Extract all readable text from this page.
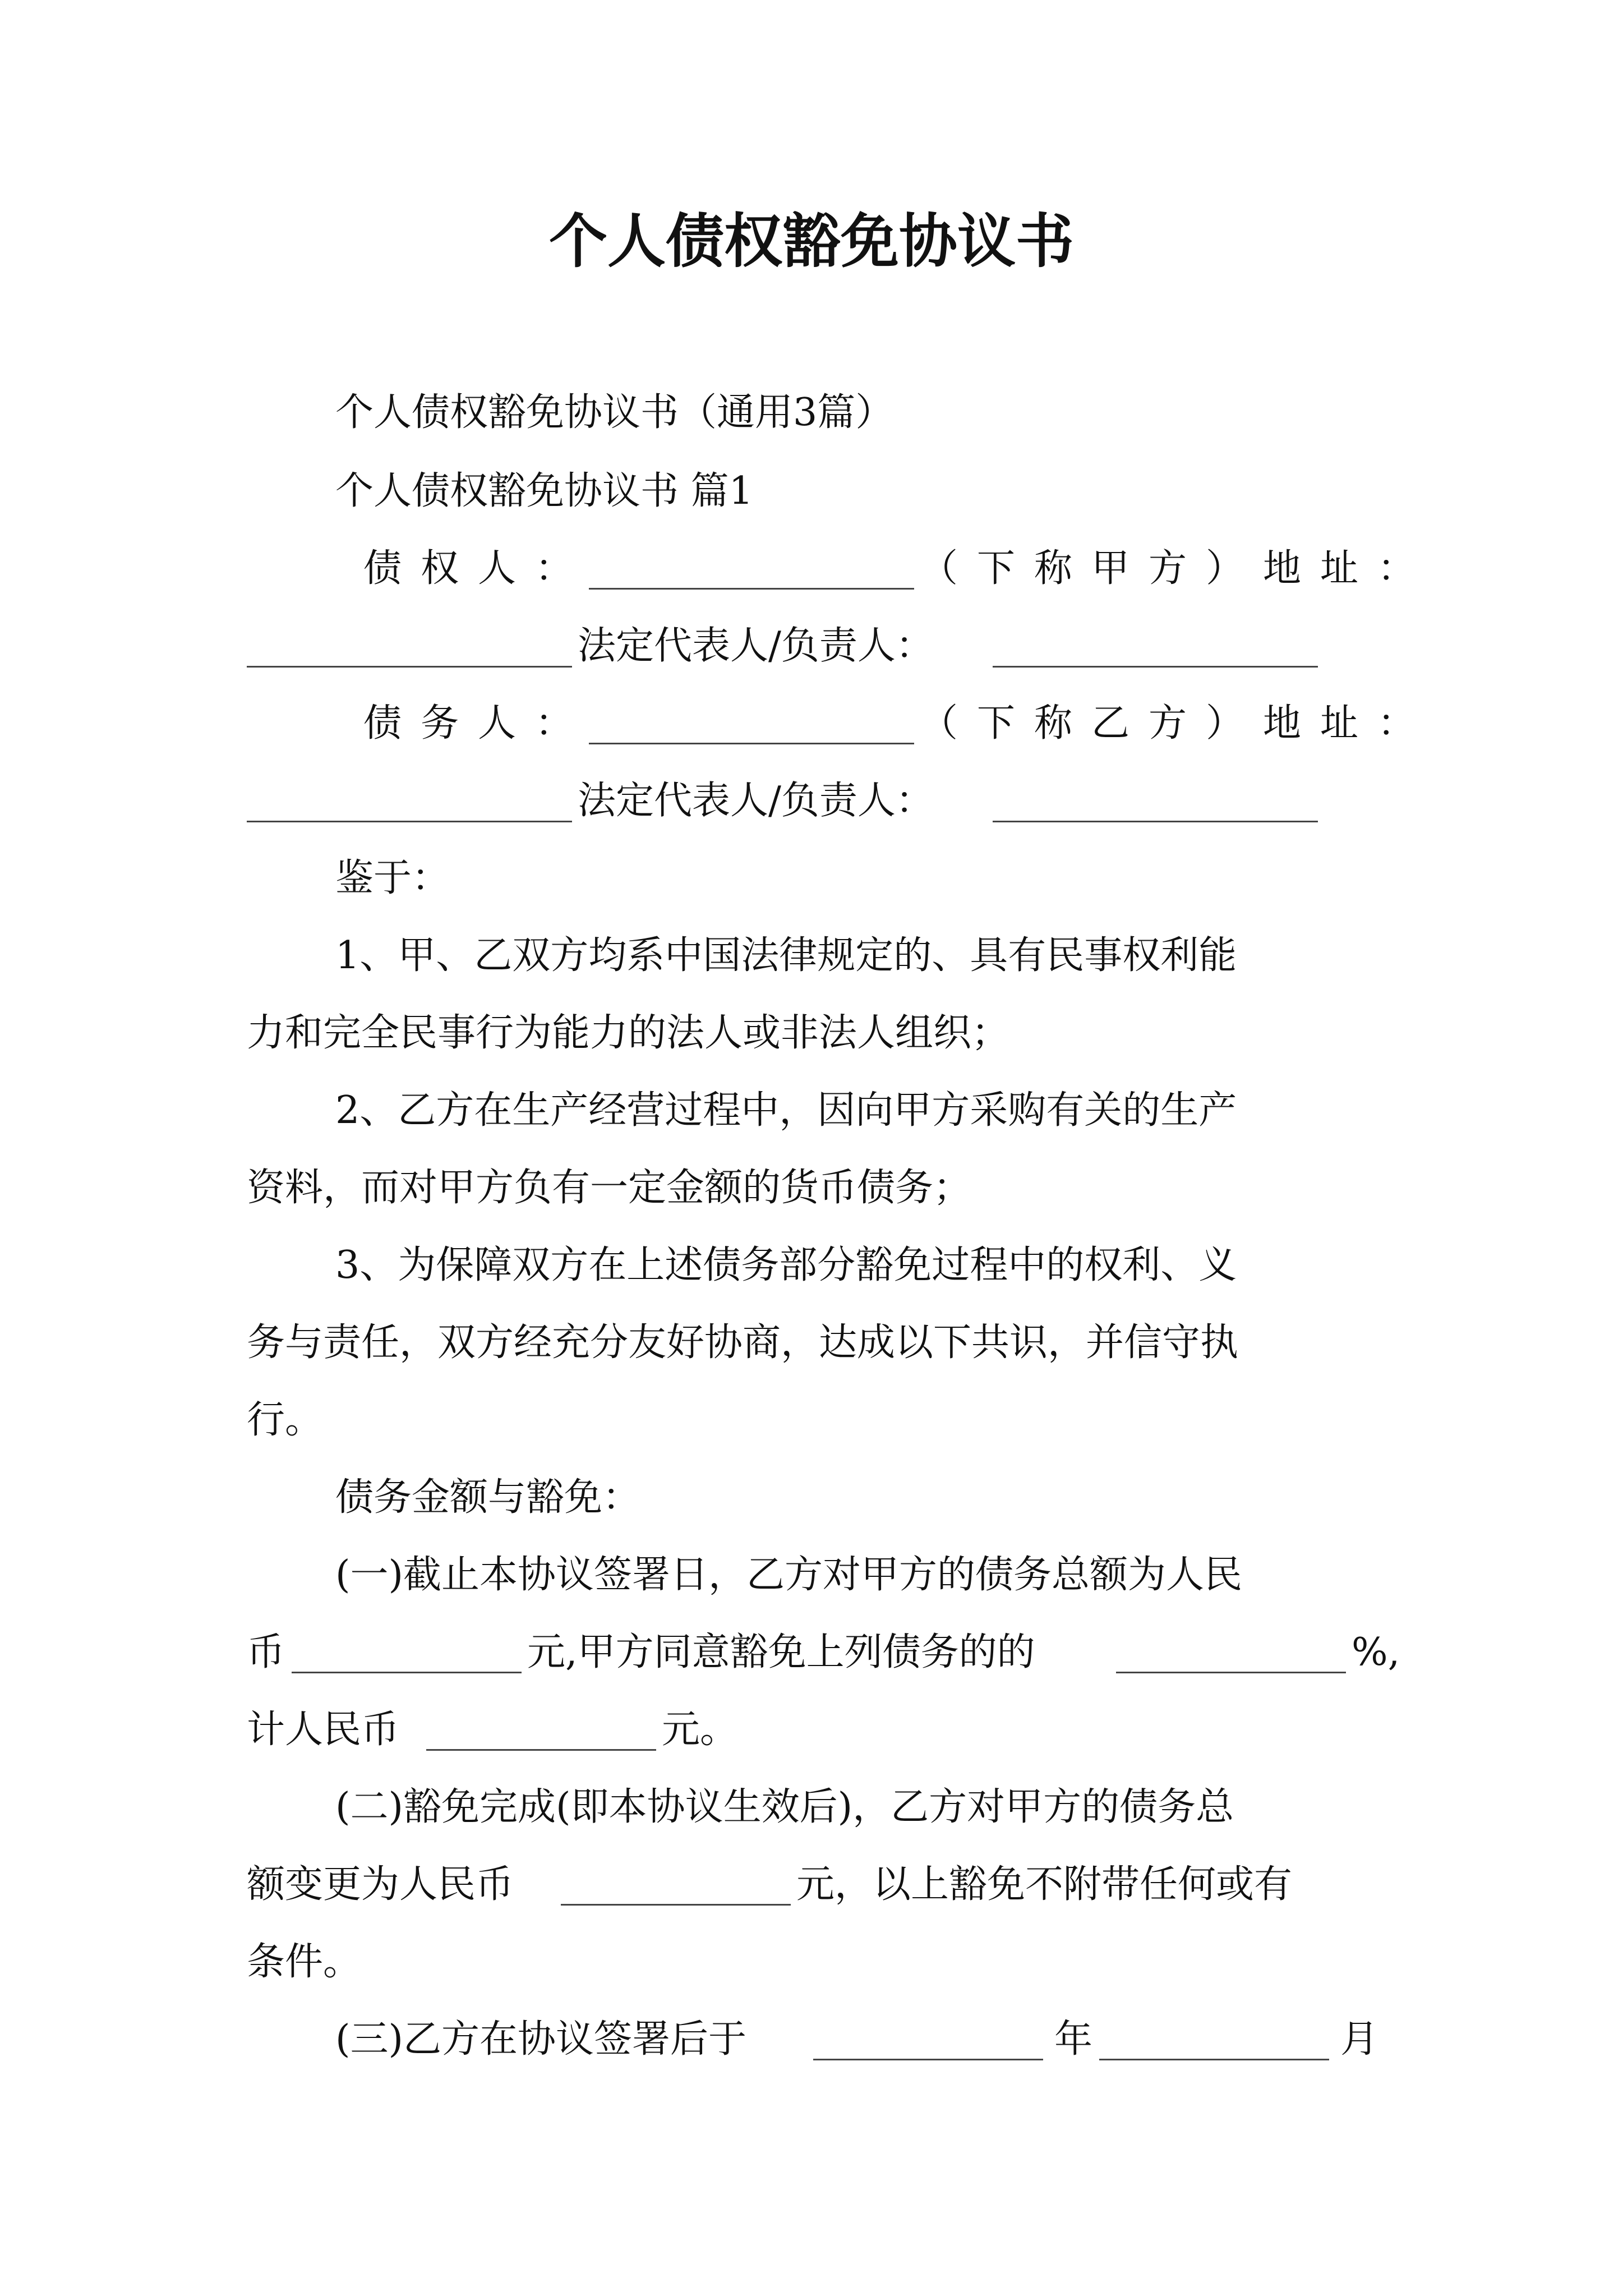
个人债权豁免协议书
个人债权豁免协议书（通用3篇）
个人债权豁免协议书 篇1
债权人：	（下称甲方）地址：
法定代表人/负责人：
债务人：	（下称乙方）地址：
法定代表人/负责人：
鉴于：
1、甲、乙双方均系中国法律规定的、具有民事权利能
力和完全民事行为能力的法人或非法人组织；
2、乙方在生产经营过程中，因向甲方采购有关的生产
资料，而对甲方负有一定金额的货币债务；
3、为保障双方在上述债务部分豁免过程中的权利、义
务与责任，双方经充分友好协商，达成以下共识，并信守执
行。
债务金额与豁免：
(一)截止本协议签署日，乙方对甲方的债务总额为人民
币	元,甲方同意豁免上列债务的的	%,
计人民币	元。
(二)豁免完成(即本协议生效后)，乙方对甲方的债务总
额变更为人民币	元，以上豁免不附带任何或有
条件。
(三)乙方在协议签署后于	年	月
